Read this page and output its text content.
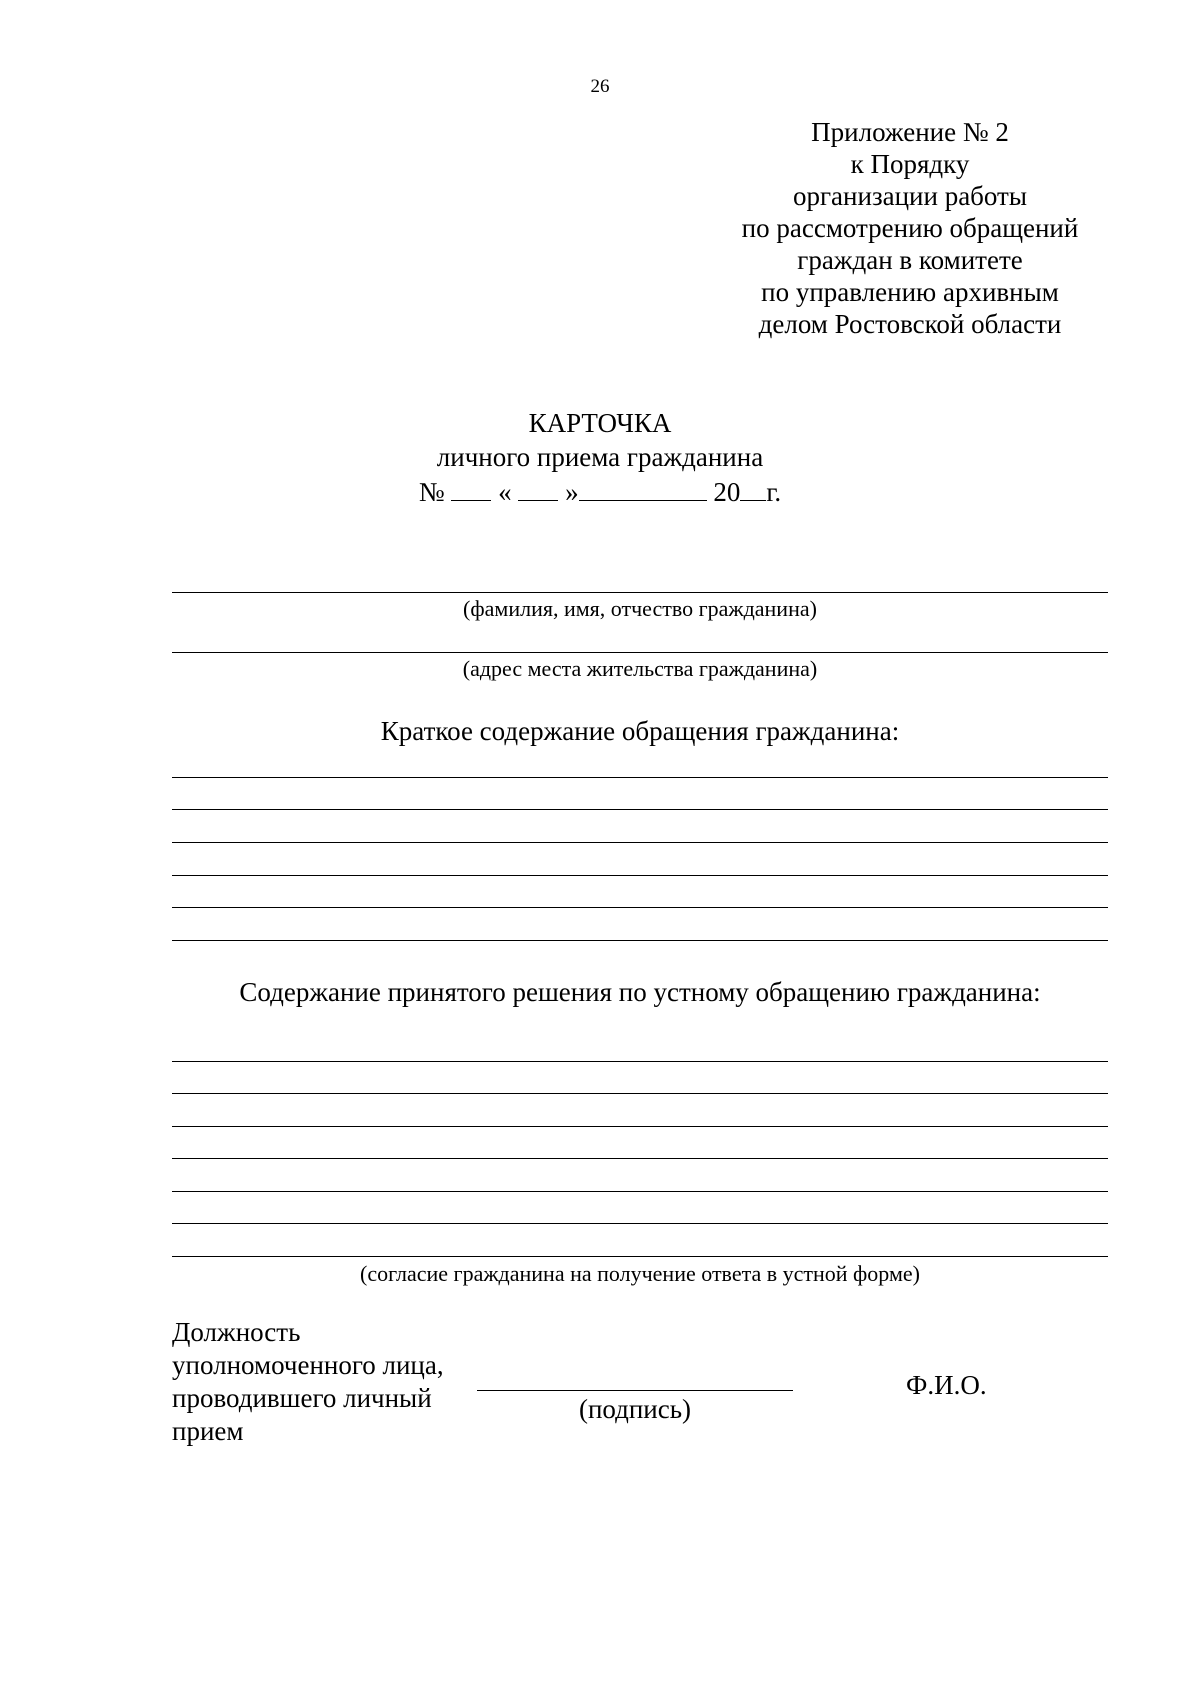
26
Приложение № 2
к Порядку
организации работы
по рассмотрению обращений
граждан в комитете
по управлению архивным
делом Ростовской области
КАРТОЧКА
личного приема гражданина
№ « »	20 г.
(фамилия, имя, отчество гражданина)
(адрес места жительства гражданина)
Краткое содержание обращения гражданина:
Содержание принятого решения по устному обращению гражданина:
(согласие гражданина на получение ответа в устной форме)
Должность
уполномоченного лица,
проводившего личный
прием
(подпись)
Ф.И.О.
